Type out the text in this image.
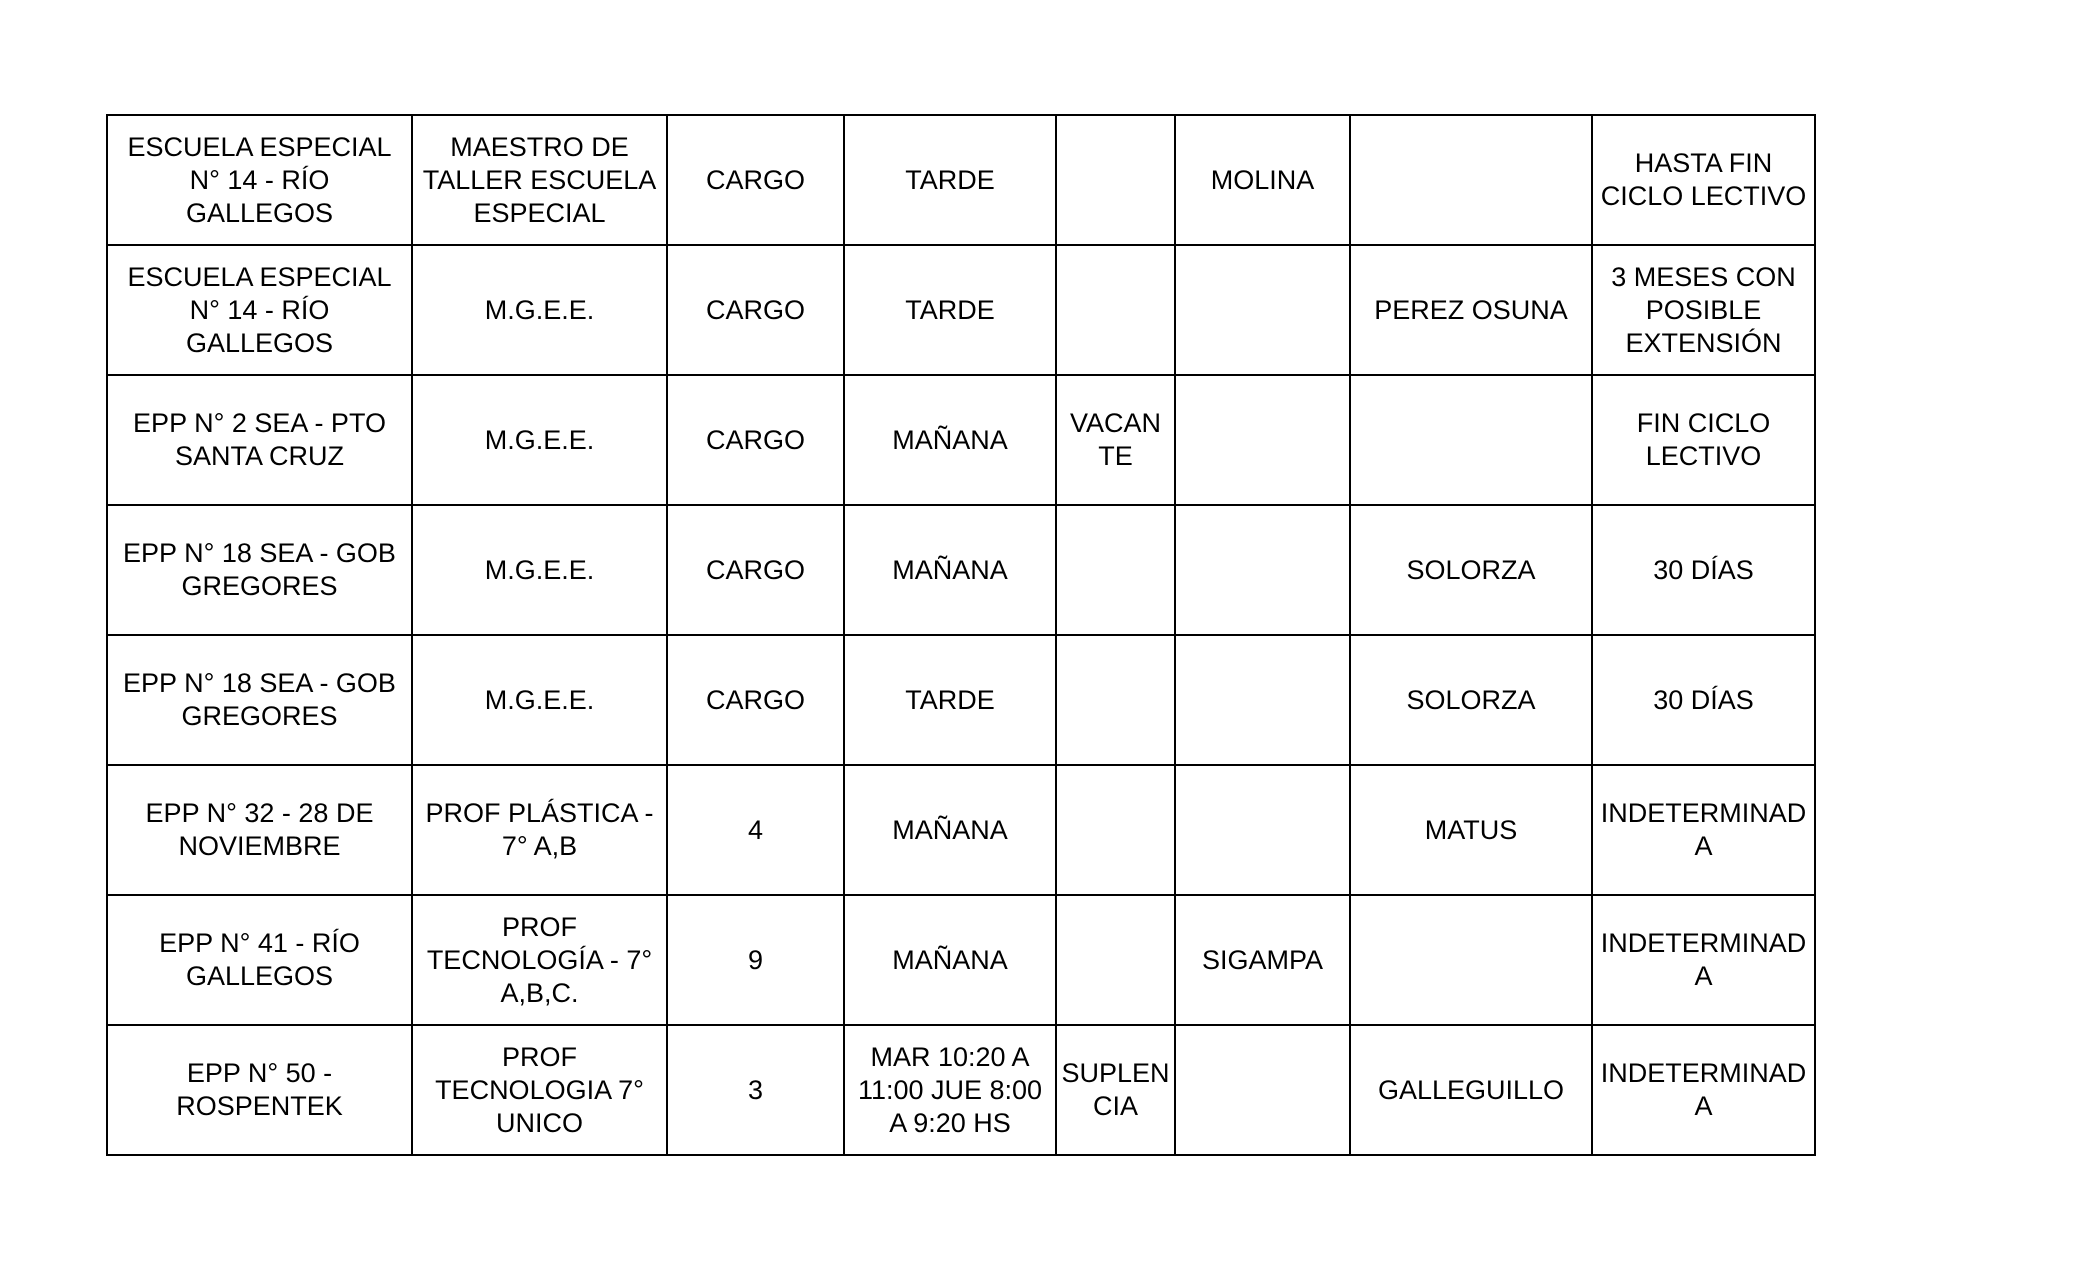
ESCUELA ESPECIAL
N° 14 - RÍO
GALLEGOS	MAESTRO DE
TALLER ESCUELA
ESPECIAL	CARGO	TARDE		MOLINA		HASTA FIN
CICLO LECTIVO
ESCUELA ESPECIAL
N° 14 - RÍO
GALLEGOS	M.G.E.E.	CARGO	TARDE			PEREZ OSUNA	3 MESES CON
POSIBLE
EXTENSIÓN
EPP N° 2 SEA - PTO
SANTA CRUZ	M.G.E.E.	CARGO	MAÑANA	VACAN
TE			FIN CICLO
LECTIVO
EPP N° 18 SEA - GOB
GREGORES	M.G.E.E.	CARGO	MAÑANA			SOLORZA	30 DÍAS
EPP N° 18 SEA - GOB
GREGORES	M.G.E.E.	CARGO	TARDE			SOLORZA	30 DÍAS
EPP N° 32 - 28 DE
NOVIEMBRE	PROF PLÁSTICA -
7° A,B	4	MAÑANA			MATUS	INDETERMINAD
A
EPP N° 41 - RÍO
GALLEGOS	PROF
TECNOLOGÍA - 7°
A,B,C.	9	MAÑANA		SIGAMPA		INDETERMINAD
A
EPP N° 50 -
ROSPENTEK	PROF
TECNOLOGIA 7°
UNICO	3	MAR 10:20 A
11:00 JUE 8:00
A 9:20 HS	SUPLEN
CIA		GALLEGUILLO	INDETERMINAD
A
